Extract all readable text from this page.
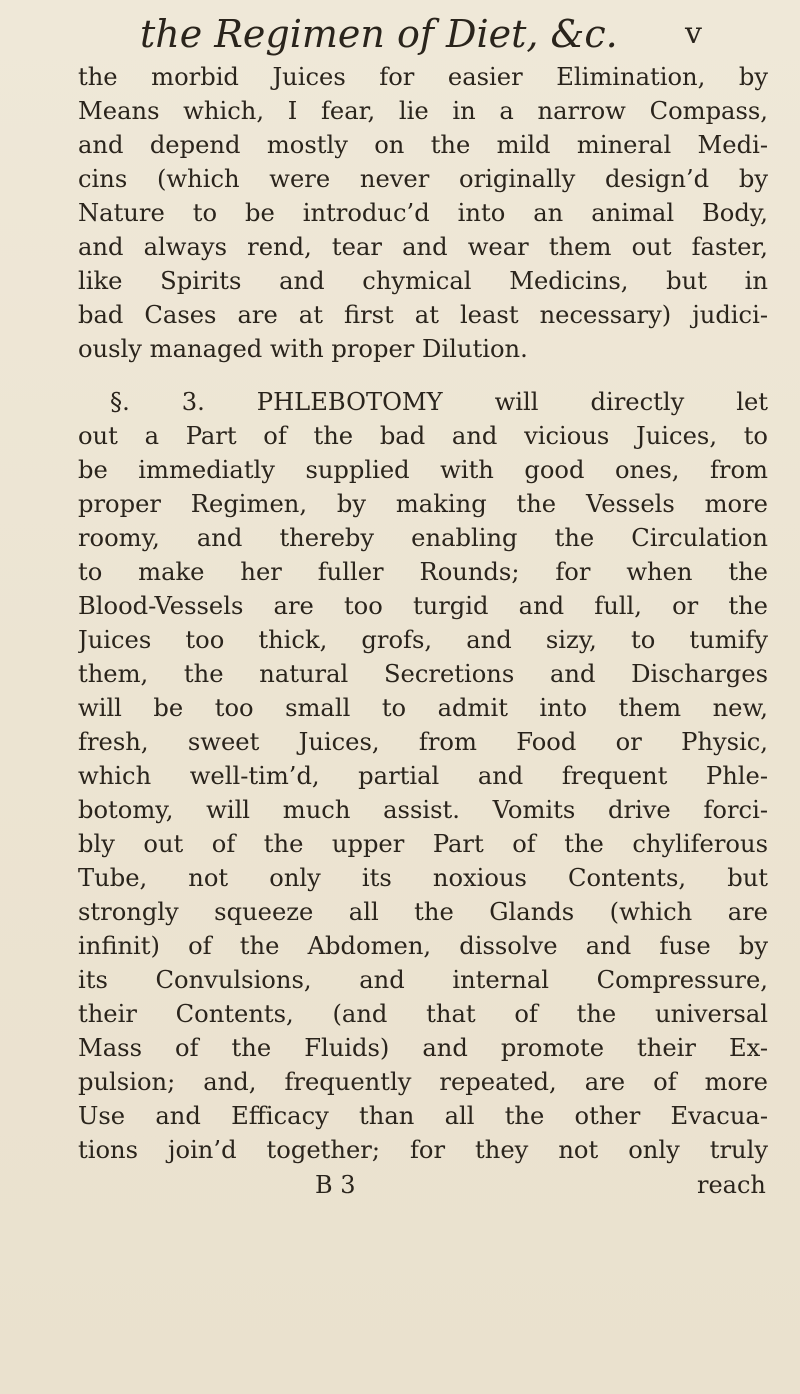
the Regimen of Diet, &c. v
the morbid Juices for easier Elimination, by
Means which, I fear, lie in a narrow Compass,
and depend mostly on the mild mineral Medi-
cins (which were never originally design’d by
Nature to be introduc’d into an animal Body,
and always rend, tear and wear them out faster,
like Spirits and chymical Medicins, but in
bad Cases are at first at least necessary) judici-
ously managed with proper Dilution.
§. 3. PHLEBOTOMY will directly let
out a Part of the bad and vicious Juices, to
be immediatly supplied with good ones, from
proper Regimen, by making the Vessels more
roomy, and thereby enabling the Circulation
to make her fuller Rounds; for when the
Blood-Vessels are too turgid and full, or the
Juices too thick, grofs, and sizy, to tumify
them, the natural Secretions and Discharges
will be too small to admit into them new,
fresh, sweet Juices, from Food or Physic,
which well-tim’d, partial and frequent Phle-
botomy, will much assist. Vomits drive forci-
bly out of the upper Part of the chyliferous
Tube, not only its noxious Contents, but
strongly squeeze all the Glands (which are
infinit) of the Abdomen, dissolve and fuse by
its Convulsions, and internal Compressure,
their Contents, (and that of the universal
Mass of the Fluids) and promote their Ex-
pulsion; and, frequently repeated, are of more
Use and Efficacy than all the other Evacua-
tions join’d together; for they not only truly
B 3	reach
